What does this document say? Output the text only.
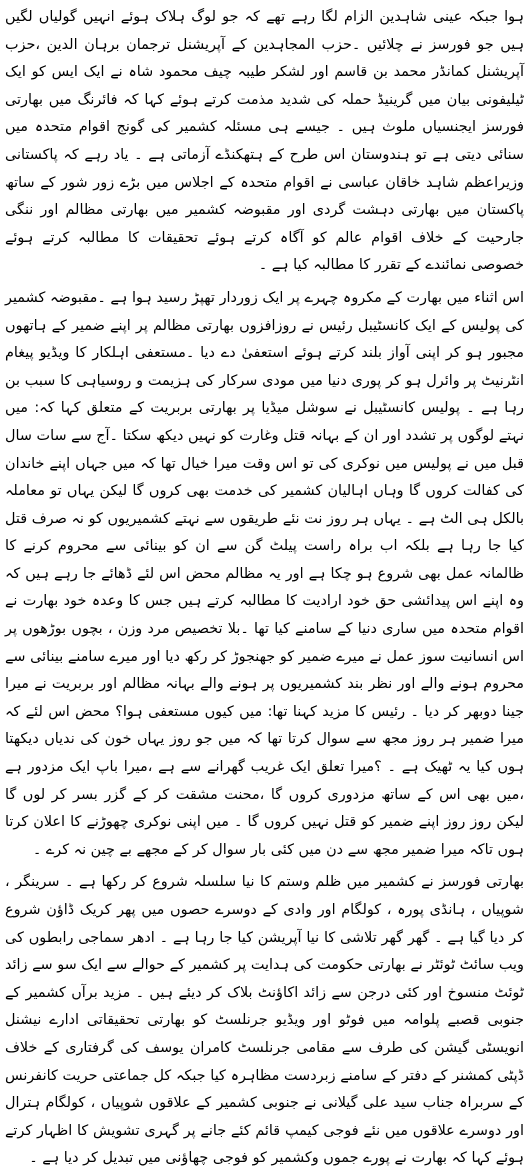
ہوا جبکہ عینی شاہدین الزام لگا رہے تھے کہ جو لوگ ہلاک ہوئے انہیں گولیاں لگیں ہیں جو فورسز نے چلائیں ۔حزب المجاہدین کے آپریشنل ترجمان برہان الدین ،حزب آپریشنل کمانڈر محمد بن قاسم اور لشکر طیبہ چیف محمود شاہ نے ایک ایس کو ایک ٹیلیفونی بیان میں گرینیڈ حملہ کی شدید مذمت کرتے ہوئے کہا کہ فائرنگ میں بھارتی فورسز ایجنسیاں ملوث ہیں ۔ جیسے ہی مسئلہ کشمیر کی گونج اقوام متحدہ میں سنائی دیتی ہے تو ہندوستان اس طرح کے ہتھکنڈے آزماتی ہے ۔ یاد رہے کہ پاکستانی وزیراعظم شاہد خاقان عباسی نے اقوام متحدہ کے اجلاس میں بڑے زور شور کے ساتھ پاکستان میں بھارتی دہشت گردی اور مقبوضہ کشمیر میں بھارتی مظالم اور ننگی جارحیت کے خلاف اقوام عالم کو آگاہ کرتے ہوئے تحقیقات کا مطالبہ کرتے ہوئے خصوصی نمائندے کے تقرر کا مطالبہ کیا ہے ۔

اس اثناء میں بھارت کے مکروہ چہرے پر ایک زوردار تھپڑ رسید ہوا ہے ۔مقبوضہ کشمیر کی پولیس کے ایک کانسٹیبل رئیس نے روزافزوں بھارتی مظالم پر اپنے ضمیر کے ہاتھوں مجبور ہو کر اپنی آواز بلند کرتے ہوئے استعفیٰ دے دیا ۔مستعفی اہلکار کا ویڈیو پیغام انٹرنیٹ پر وائرل ہو کر پوری دنیا میں مودی سرکار کی ہزیمت و روسیاہی کا سبب بن رہا ہے ۔ پولیس کانسٹیبل نے سوشل میڈیا پر بھارتی بربریت کے متعلق کہا کہ: میں نہتے لوگوں پر تشدد اور ان کے بہانہ قتل وغارت کو نہیں دیکھ سکتا ۔آج سے سات سال قبل میں نے پولیس میں نوکری کی تو اس وقت میرا خیال تھا کہ میں جہاں اپنے خاندان کی کفالت کروں گا وہاں اہالیان کشمیر کی خدمت بھی کروں گا لیکن یہاں تو معاملہ بالکل ہی الٹ ہے ۔ یہاں ہر روز نت نئے طریقوں سے نہتے کشمیریوں کو نہ صرف قتل کیا جا رہا ہے بلکہ اب براہ راست پیلٹ گن سے ان کو بینائی سے محروم کرنے کا ظالمانہ عمل بھی شروع ہو چکا ہے اور یہ مظالم محض اس لئے ڈھائے جا رہے ہیں کہ وہ اپنے اس پیدائشی حق خود ارادیت کا مطالبہ کرتے ہیں جس کا وعدہ خود بھارت نے اقوام متحدہ میں ساری دنیا کے سامنے کیا تھا ۔بلا تخصیص مرد وزن ، بچوں بوڑھوں پر اس انسانیت سوز عمل نے میرے ضمیر کو جھنجوڑ کر رکھ دیا اور میرے سامنے بینائی سے محروم ہونے والے اور نظر بند کشمیریوں پر ہونے والے بہانہ مظالم اور بربریت نے میرا جینا دوبھر کر دیا ۔ رئیس کا مزید کہنا تھا: میں کیوں مستعفی ہوا؟ محض اس لئے کہ میرا ضمیر ہر روز مجھ سے سوال کرتا تھا کہ میں جو روز یہاں خون کی ندیاں دیکھتا ہوں کیا یہ ٹھیک ہے ۔ ؟میرا تعلق ایک غریب گھرانے سے ہے ،میرا باپ ایک مزدور ہے ،میں بھی اس کے ساتھ مزدوری کروں گا ،محنت مشقت کر کے گزر بسر کر لوں گا لیکن روز روز اپنے ضمیر کو قتل نہیں کروں گا ۔ میں اپنی نوکری چھوڑنے کا اعلان کرتا ہوں تاکہ میرا ضمیر مجھ سے دن میں کئی بار سوال کر کے مجھے بے چین نہ کرے ۔

بھارتی فورسز نے کشمیر میں ظلم وستم کا نیا سلسلہ شروع کر رکھا ہے ۔ سرینگر ، شوپیاں ، ہانڈی پورہ ، کولگام اور وادی کے دوسرے حصوں میں پھر کریک ڈاؤن شروع کر دیا گیا ہے ۔ گھر گھر تلاشی کا نیا آپریشن کیا جا رہا ہے ۔ ادھر سماجی رابطوں کی ویب سائٹ ٹوئٹر نے بھارتی حکومت کی ہدایت پر کشمیر کے حوالے سے ایک سو سے زائد ٹوئٹ منسوخ اور کئی درجن سے زائد اکاؤنٹ بلاک کر دیئے ہیں ۔ مزید برآں کشمیر کے جنوبی قصبے پلوامہ میں فوٹو اور ویڈیو جرنلسٹ کو بھارتی تحقیقاتی ادارے نیشنل انویسٹی گیشن کی طرف سے مقامی جرنلسٹ کامران یوسف کی گرفتاری کے خلاف ڈپٹی کمشنر کے دفتر کے سامنے زبردست مظاہرہ کیا جبکہ کل جماعتی حریت کانفرنس کے سربراہ جناب سید علی گیلانی نے جنوبی کشمیر کے علاقوں شوپیاں ، کولگام ہترال اور دوسرے علاقوں میں نئے فوجی کیمپ قائم کئے جانے پر گہری تشویش کا اظہار کرتے ہوئے کہا کہ بھارت نے پورے جموں وکشمیر کو فوجی چھاؤنی میں تبدیل کر دیا ہے ۔
